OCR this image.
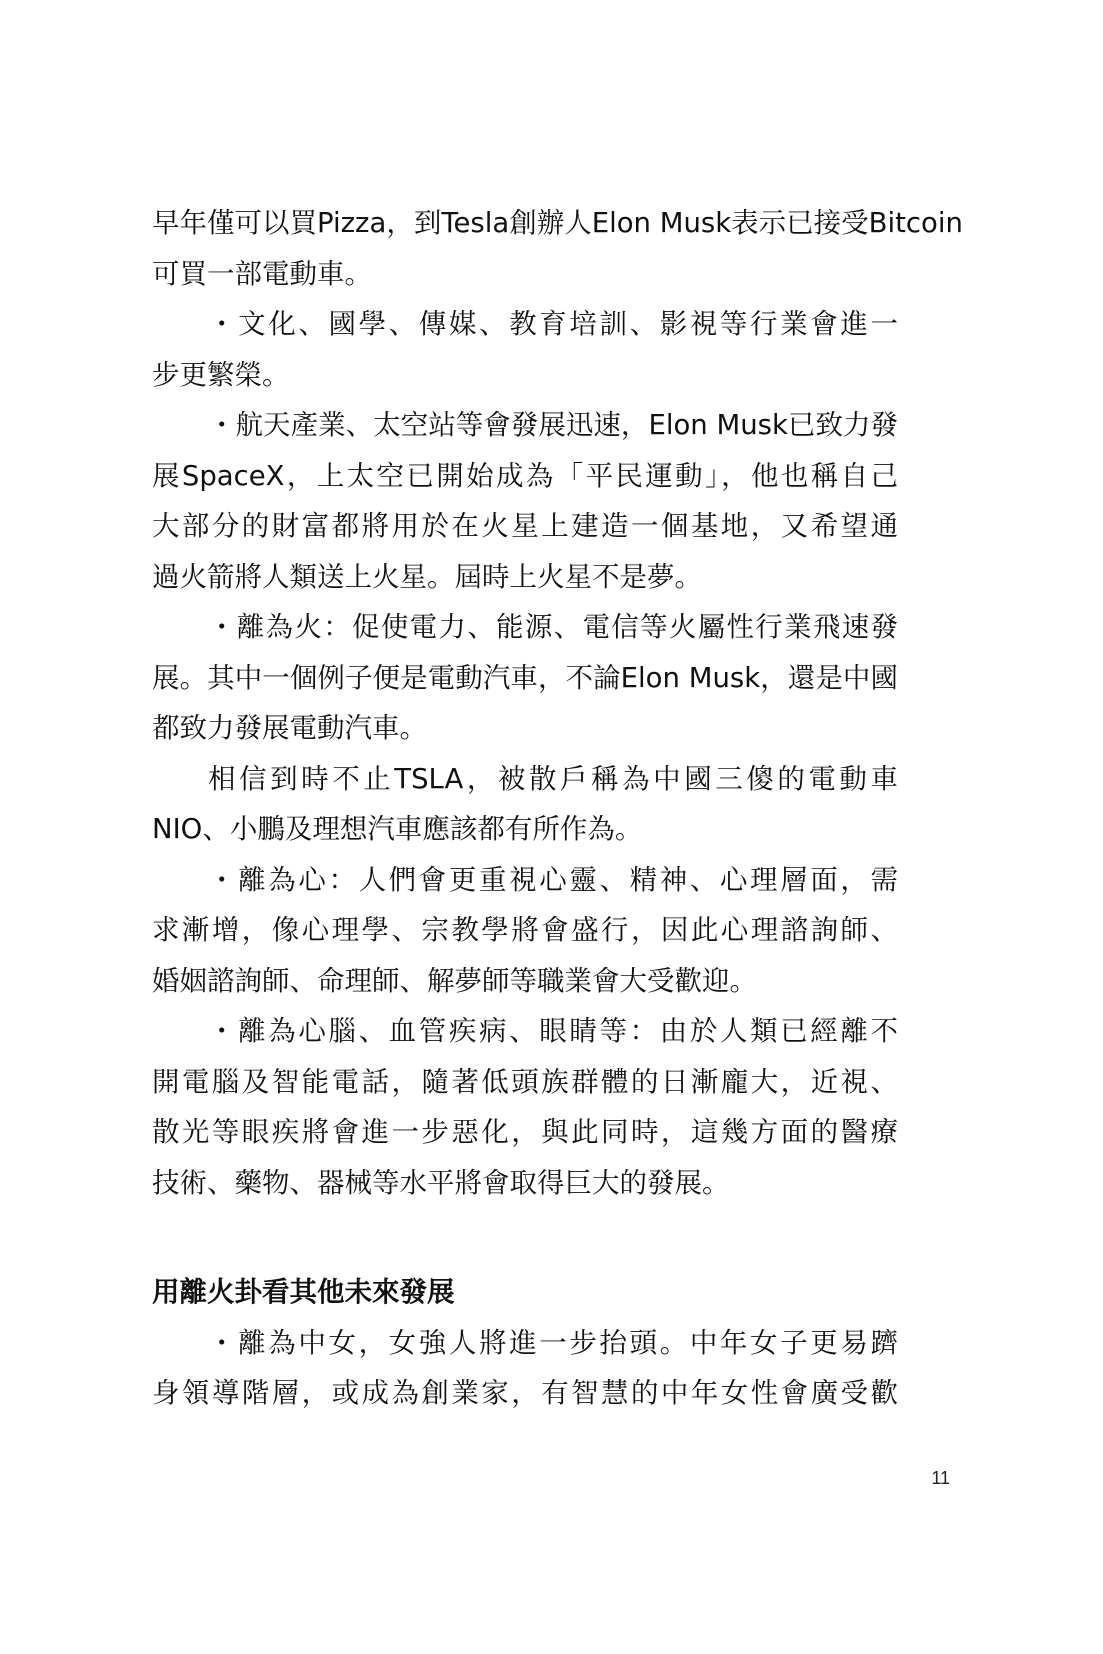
早年僅可以買Pizza，到Tesla創辦人Elon Musk表示已接受Bitcoin
可買一部電動車。
・文化、國學、傳媒、教育培訓、影視等行業會進一
步更繁榮。
・航天產業、太空站等會發展迅速，Elon Musk已致力發
展SpaceX，上太空已開始成為「平民運動」，他也稱自己
大部分的財富都將用於在火星上建造一個基地，又希望通
過火箭將人類送上火星。屆時上火星不是夢。
・離為火：促使電力、能源、電信等火屬性行業飛速發
展。其中一個例子便是電動汽車，不論Elon Musk，還是中國
都致力發展電動汽車。
相信到時不止TSLA，被散戶稱為中國三傻的電動車
NIO、小鵬及理想汽車應該都有所作為。
・離為心：人們會更重視心靈、精神、心理層面，需
求漸增，像心理學、宗教學將會盛行，因此心理諮詢師、
婚姻諮詢師、命理師、解夢師等職業會大受歡迎。
・離為心腦、血管疾病、眼睛等：由於人類已經離不
開電腦及智能電話，隨著低頭族群體的日漸龐大，近視、
散光等眼疾將會進一步惡化，與此同時，這幾方面的醫療
技術、藥物、器械等水平將會取得巨大的發展。
用離火卦看其他未來發展
・離為中女，女強人將進一步抬頭。中年女子更易躋
身領導階層，或成為創業家，有智慧的中年女性會廣受歡
11
